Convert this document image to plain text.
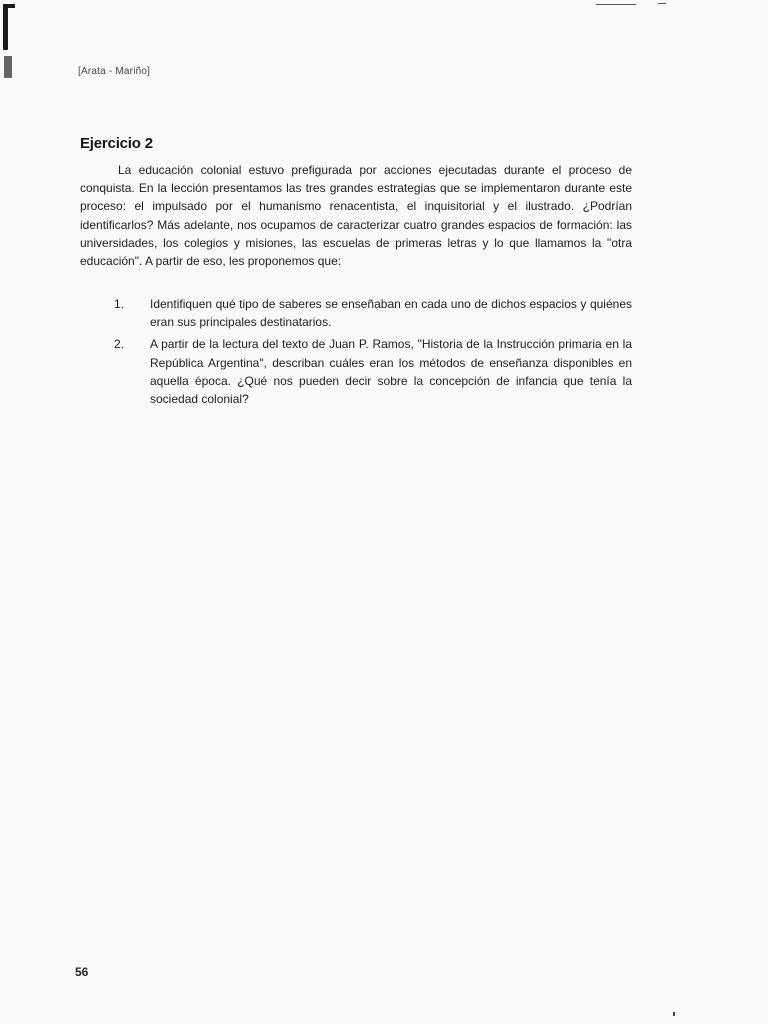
[Arata - Mariño]
Ejercicio 2

La educación colonial estuvo prefigurada por acciones ejecutadas durante el proceso de conquista. En la lección presentamos las tres grandes estrategias que se implementaron durante este proceso: el impulsado por el humanismo renacentista, el inquisitorial y el ilustrado. ¿Podrían identificarlos? Más adelante, nos ocupamos de caracterizar cuatro grandes espacios de formación: las universidades, los colegios y misiones, las escuelas de primeras letras y lo que llamamos la "otra educación". A partir de eso, les proponemos que:

1. Identifiquen qué tipo de saberes se enseñaban en cada uno de dichos espacios y quiénes eran sus principales destinatarios.
2. A partir de la lectura del texto de Juan P. Ramos, "Historia de la Instrucción primaria en la República Argentina", describan cuáles eran los métodos de enseñanza disponibles en aquella época. ¿Qué nos pueden decir sobre la concepción de infancia que tenía la sociedad colonial?
56
